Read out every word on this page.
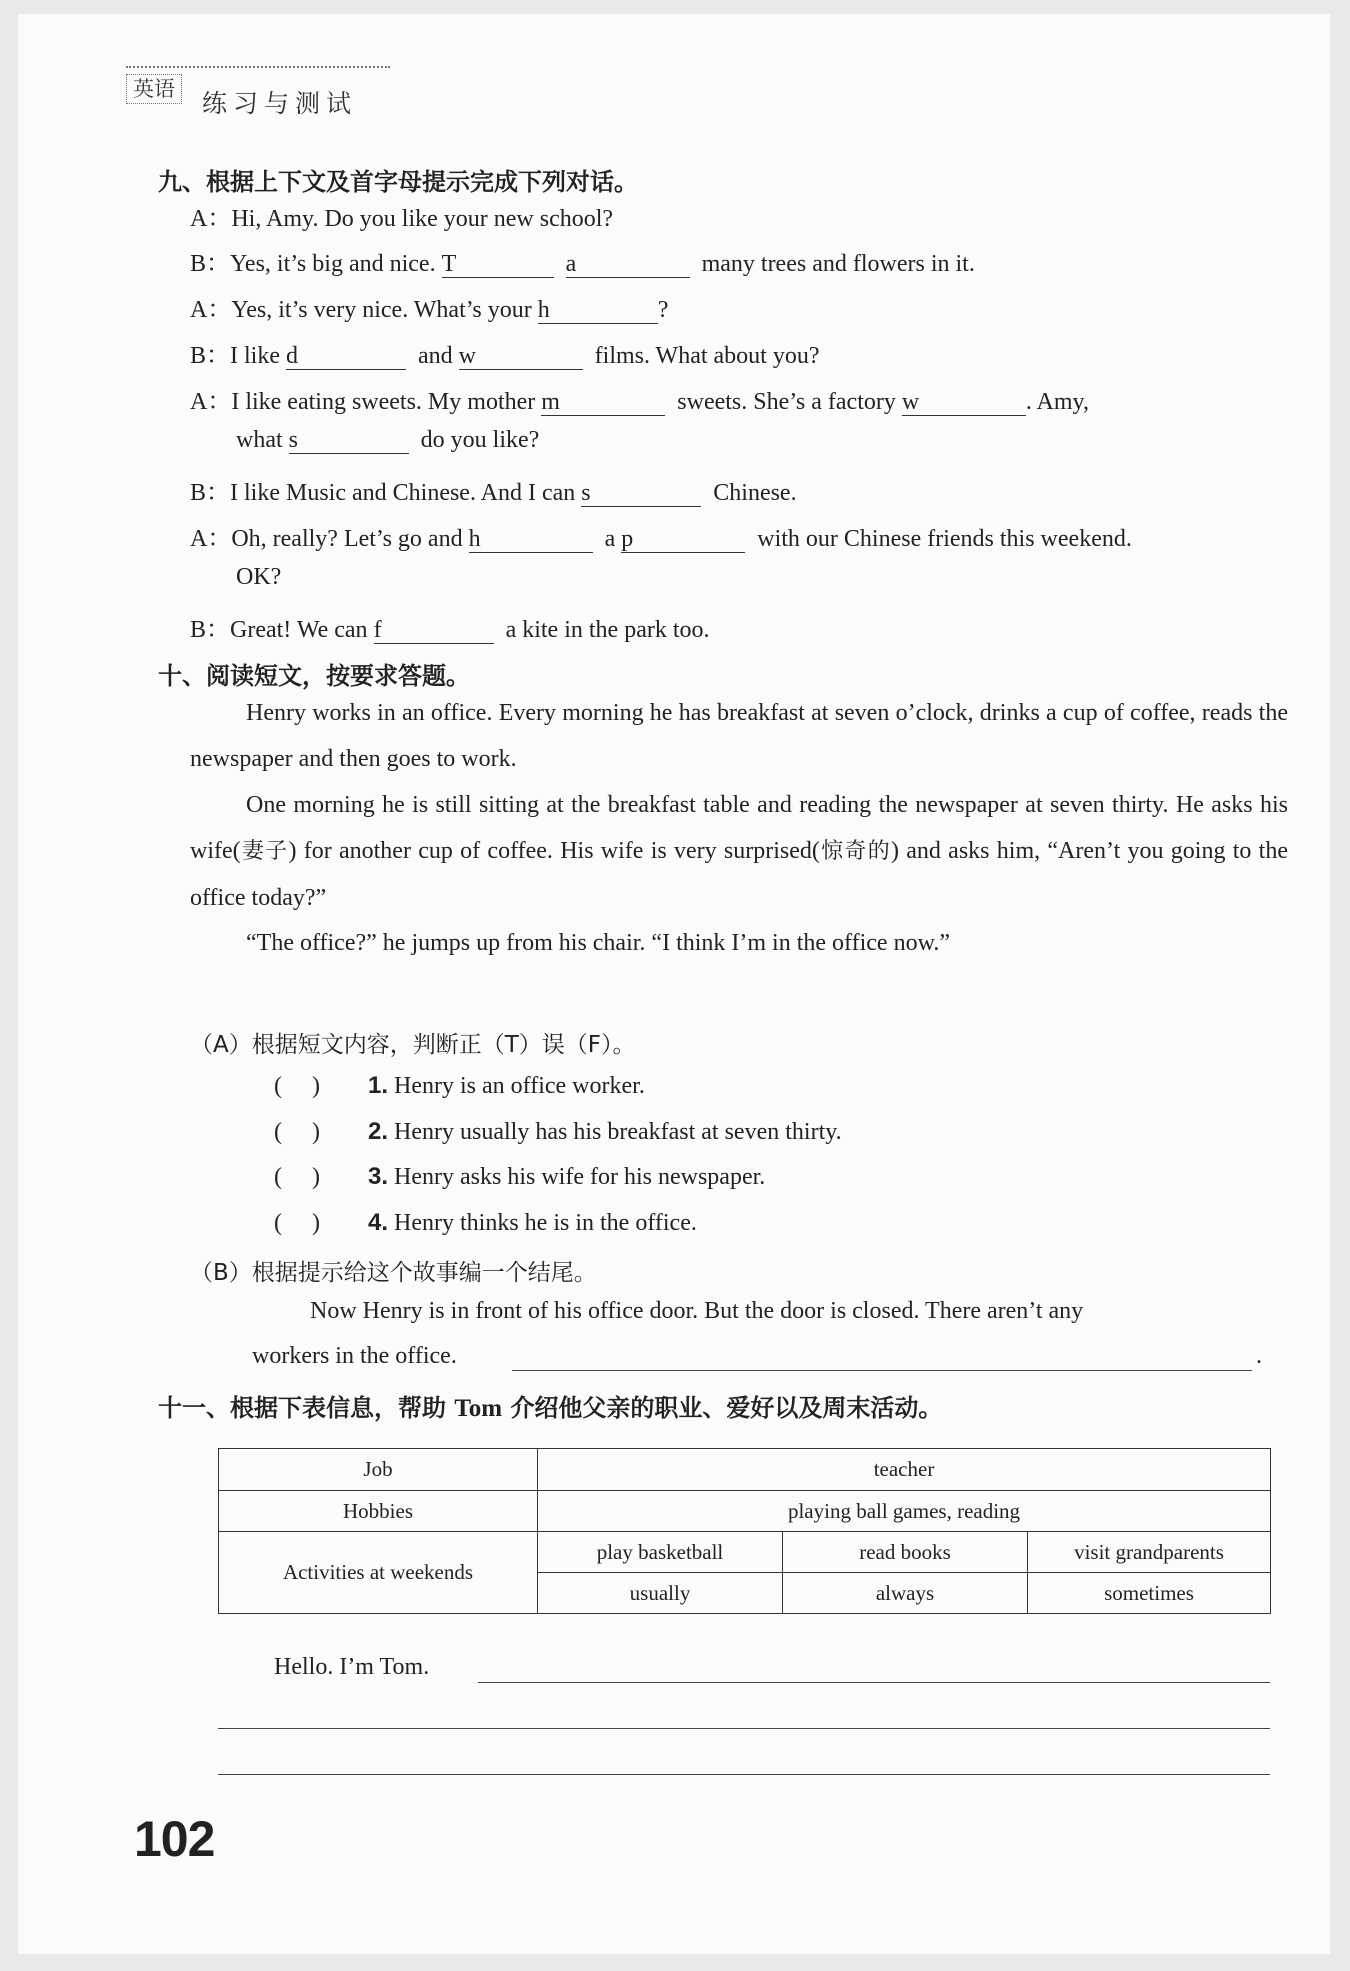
英语 练习与测试
九、根据上下文及首字母提示完成下列对话。
A：Hi, Amy. Do you like your new school?
B：Yes, it’s big and nice. T	a	many trees and flowers in it.
A：Yes, it’s very nice. What’s your h	?
B：I like d	and w	films. What about you?
A：I like eating sweets. My mother m	sweets. She’s a factory w	. Amy,
what s	do you like?
B：I like Music and Chinese. And I can s	Chinese.
A：Oh, really? Let’s go and h	a p	with our Chinese friends this weekend.
OK?
B：Great! We can f	a kite in the park too.
十、阅读短文，按要求答题。
Henry works in an office. Every morning he has breakfast at seven o’clock, drinks a cup of coffee, reads the newspaper and then goes to work.
One morning he is still sitting at the breakfast table and reading the newspaper at seven thirty. He asks his wife(妻子) for another cup of coffee. His wife is very surprised(惊奇的) and asks him, “Aren’t you going to the office today?”
“The office?” he jumps up from his chair. “I think I’m in the office now.”
（A）根据短文内容，判断正（T）误（F）。
( ) 1. Henry is an office worker.
( ) 2. Henry usually has his breakfast at seven thirty.
( ) 3. Henry asks his wife for his newspaper.
( ) 4. Henry thinks he is in the office.
（B）根据提示给这个故事编一个结尾。
Now Henry is in front of his office door. But the door is closed. There aren’t any
workers in the office.	.
十一、根据下表信息，帮助 Tom 介绍他父亲的职业、爱好以及周末活动。
Job	teacher		
Hobbies	playing ball games, reading		
Activities at weekends	play basketball	read books	visit grandparents
	usually	always	sometimes
Hello. I’m Tom.
102
